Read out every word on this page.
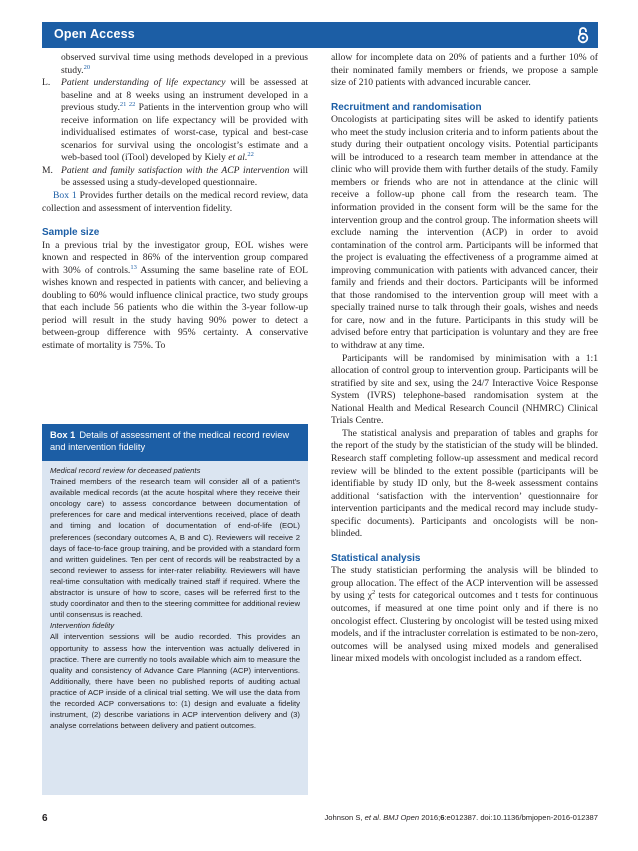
Open Access

observed survival time using methods developed in a previous study.$^{20}$

L. Patient understanding of life expectancy will be assessed at baseline and at 8 weeks using an instrument developed in a previous study.$^{21 22}$ Patients in the intervention group who will receive information on life expectancy will be provided with individualised estimates of worst-case, typical and best-case scenarios for survival using the oncologist’s estimate and a web-based tool (iTool) developed by Kiely et al.$^{22}$

M. Patient and family satisfaction with the ACP intervention will be assessed using a study-developed questionnaire.

Box 1 Provides further details on the medical record review, data collection and assessment of intervention fidelity.

Sample size

In a previous trial by the investigator group, EOL wishes were known and respected in 86% of the intervention group compared with 30% of controls.$^{13}$ Assuming the same baseline rate of EOL wishes known and respected in patients with cancer, and believing a doubling to 60% would influence clinical practice, two study groups that each include 56 patients who die within the 3-year follow-up period will result in the study having 90% power to detect a between-group difference with 95% certainty. A conservative estimate of mortality is 75%. To

Box 1 Details of assessment of the medical record review and intervention fidelity

Medical record review for deceased patients

Trained members of the research team will consider all of a patient’s available medical records (at the acute hospital where they receive their oncology care) to assess concordance between documentation of preferences for care and medical interventions received, place of death and timing and location of documentation of end-of-life (EOL) preferences (secondary outcomes A, B and C). Reviewers will receive 2 days of face-to-face group training, and be provided with a standard form and written guidelines. Ten per cent of records will be reabstracted by a second reviewer to assess for inter-rater reliability. Reviewers will have real-time consultation with medically trained staff if required. Where the abstractor is unsure of how to score, cases will be referred first to the study coordinator and then to the steering committee for additional review until consensus is reached.

Intervention fidelity

All intervention sessions will be audio recorded. This provides an opportunity to assess how the intervention was actually delivered in practice. There are currently no tools available which aim to measure the quality and consistency of Advance Care Planning (ACP) interventions. Additionally, there have been no published reports of auditing actual practice of ACP inside of a clinical trial setting. We will use the data from the recorded ACP conversations to: (1) design and evaluate a fidelity instrument, (2) describe variations in ACP intervention delivery and (3) analyse correlations between delivery and patient outcomes.

allow for incomplete data on 20% of patients and a further 10% of their nominated family members or friends, we propose a sample size of 210 patients with advanced incurable cancer.

Recruitment and randomisation

Oncologists at participating sites will be asked to identify patients who meet the study inclusion criteria and to inform patients about the study during their outpatient oncology visits. Potential participants will be introduced to a research team member in attendance at the clinic who will provide them with further details of the study. Family members or friends who are not in attendance at the clinic will receive a follow-up phone call from the research team. The information provided in the consent form will be the same for the intervention group and the control group. The information sheets will exclude naming the intervention (ACP) in order to avoid contamination of the control arm. Participants will be informed that the project is evaluating the effectiveness of a programme aimed at improving communication with patients with advanced cancer, their family and friends and their doctors. Participants will be informed that those randomised to the intervention group will meet with a specially trained nurse to talk through their goals, wishes and needs for care, now and in the future. Participants in this study will be advised before entry that participation is voluntary and they are free to withdraw at any time.

Participants will be randomised by minimisation with a 1:1 allocation of control group to intervention group. Participants will be stratified by site and sex, using the 24/7 Interactive Voice Response System (IVRS) telephone-based randomisation system at the National Health and Medical Research Council (NHMRC) Clinical Trials Centre.

The statistical analysis and preparation of tables and graphs for the report of the study by the statistician of the study will be blinded. Research staff completing follow-up assessment and medical record review will be blinded to the extent possible (participants will be identifiable by study ID only, but the 8-week assessment contains additional ‘satisfaction with the intervention’ questionnaire for intervention participants and the medical record may include study-specific documents). Participants and oncologists will be non-blinded.

Statistical analysis

The study statistician performing the analysis will be blinded to group allocation. The effect of the ACP intervention will be assessed by using $\chi^2$ tests for categorical outcomes and t tests for continuous outcomes, if measured at one time point only and if there is no oncologist effect. Clustering by oncologist will be tested using mixed models, and if the intracluster correlation is estimated to be non-zero, outcomes will be analysed using mixed models and generalised linear mixed models with oncologist included as a random effect.

6	Johnson S, et al. BMJ Open 2016;6:e012387. doi:10.1136/bmjopen-2016-012387
